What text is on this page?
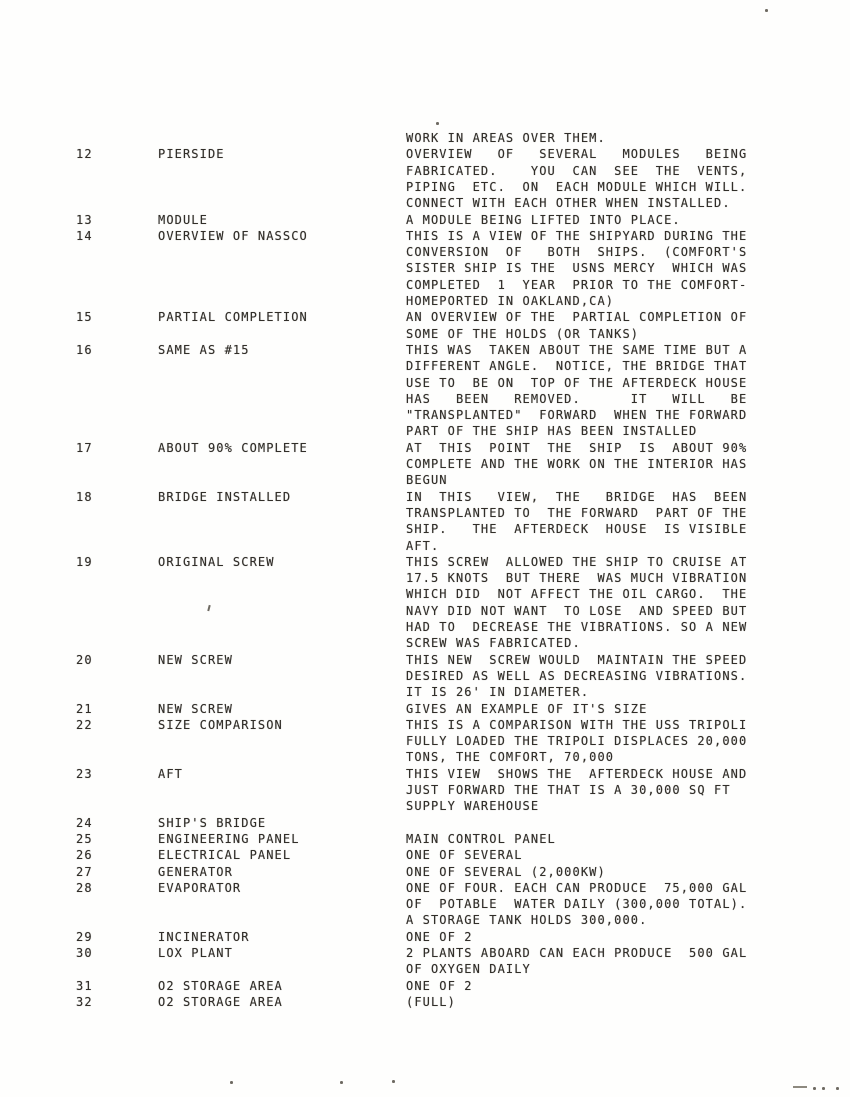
WORK IN AREAS OVER THEM.
12	PIERSIDE	OVERVIEW   OF   SEVERAL   MODULES   BEING
FABRICATED.    YOU  CAN  SEE  THE  VENTS,
PIPING  ETC.  ON  EACH MODULE WHICH WILL.
CONNECT WITH EACH OTHER WHEN INSTALLED.
13	MODULE	A MODULE BEING LIFTED INTO PLACE.
14	OVERVIEW OF NASSCO	THIS IS A VIEW OF THE SHIPYARD DURING THE
CONVERSION  OF   BOTH  SHIPS.  (COMFORT'S
SISTER SHIP IS THE  USNS MERCY  WHICH WAS
COMPLETED  1  YEAR  PRIOR TO THE COMFORT-
HOMEPORTED IN OAKLAND,CA)
15	PARTIAL COMPLETION	AN OVERVIEW OF THE  PARTIAL COMPLETION OF
SOME OF THE HOLDS (OR TANKS)
16	SAME AS #15	THIS WAS  TAKEN ABOUT THE SAME TIME BUT A
DIFFERENT ANGLE.  NOTICE, THE BRIDGE THAT
USE TO  BE ON  TOP OF THE AFTERDECK HOUSE
HAS   BEEN   REMOVED.      IT   WILL   BE
"TRANSPLANTED"  FORWARD  WHEN THE FORWARD
PART OF THE SHIP HAS BEEN INSTALLED
17	ABOUT 90% COMPLETE	AT  THIS  POINT  THE  SHIP  IS  ABOUT 90%
COMPLETE AND THE WORK ON THE INTERIOR HAS
BEGUN
18	BRIDGE INSTALLED	IN  THIS   VIEW,  THE   BRIDGE  HAS  BEEN
TRANSPLANTED TO  THE FORWARD  PART OF THE
SHIP.   THE  AFTERDECK  HOUSE  IS VISIBLE
AFT.
19	ORIGINAL SCREW	THIS SCREW  ALLOWED THE SHIP TO CRUISE AT
17.5 KNOTS  BUT THERE  WAS MUCH VIBRATION
WHICH DID  NOT AFFECT THE OIL CARGO.  THE
NAVY DID NOT WANT  TO LOSE  AND SPEED BUT
HAD TO  DECREASE THE VIBRATIONS. SO A NEW
SCREW WAS FABRICATED.
20	NEW SCREW	THIS NEW  SCREW WOULD  MAINTAIN THE SPEED
DESIRED AS WELL AS DECREASING VIBRATIONS.
IT IS 26' IN DIAMETER.
21	NEW SCREW	GIVES AN EXAMPLE OF IT'S SIZE
22	SIZE COMPARISON	THIS IS A COMPARISON WITH THE USS TRIPOLI
FULLY LOADED THE TRIPOLI DISPLACES 20,000
TONS, THE COMFORT, 70,000
23	AFT	THIS VIEW  SHOWS THE  AFTERDECK HOUSE AND
JUST FORWARD THE THAT IS A 30,000 SQ FT
SUPPLY WAREHOUSE
24	SHIP'S BRIDGE
25	ENGINEERING PANEL	MAIN CONTROL PANEL
26	ELECTRICAL PANEL	ONE OF SEVERAL
27	GENERATOR	ONE OF SEVERAL (2,000KW)
28	EVAPORATOR	ONE OF FOUR. EACH CAN PRODUCE  75,000 GAL
OF  POTABLE  WATER DAILY (300,000 TOTAL).
A STORAGE TANK HOLDS 300,000.
29	INCINERATOR	ONE OF 2
30	LOX PLANT	2 PLANTS ABOARD CAN EACH PRODUCE  500 GAL
OF OXYGEN DAILY
31	O2 STORAGE AREA	ONE OF 2
32	O2 STORAGE AREA	(FULL)
